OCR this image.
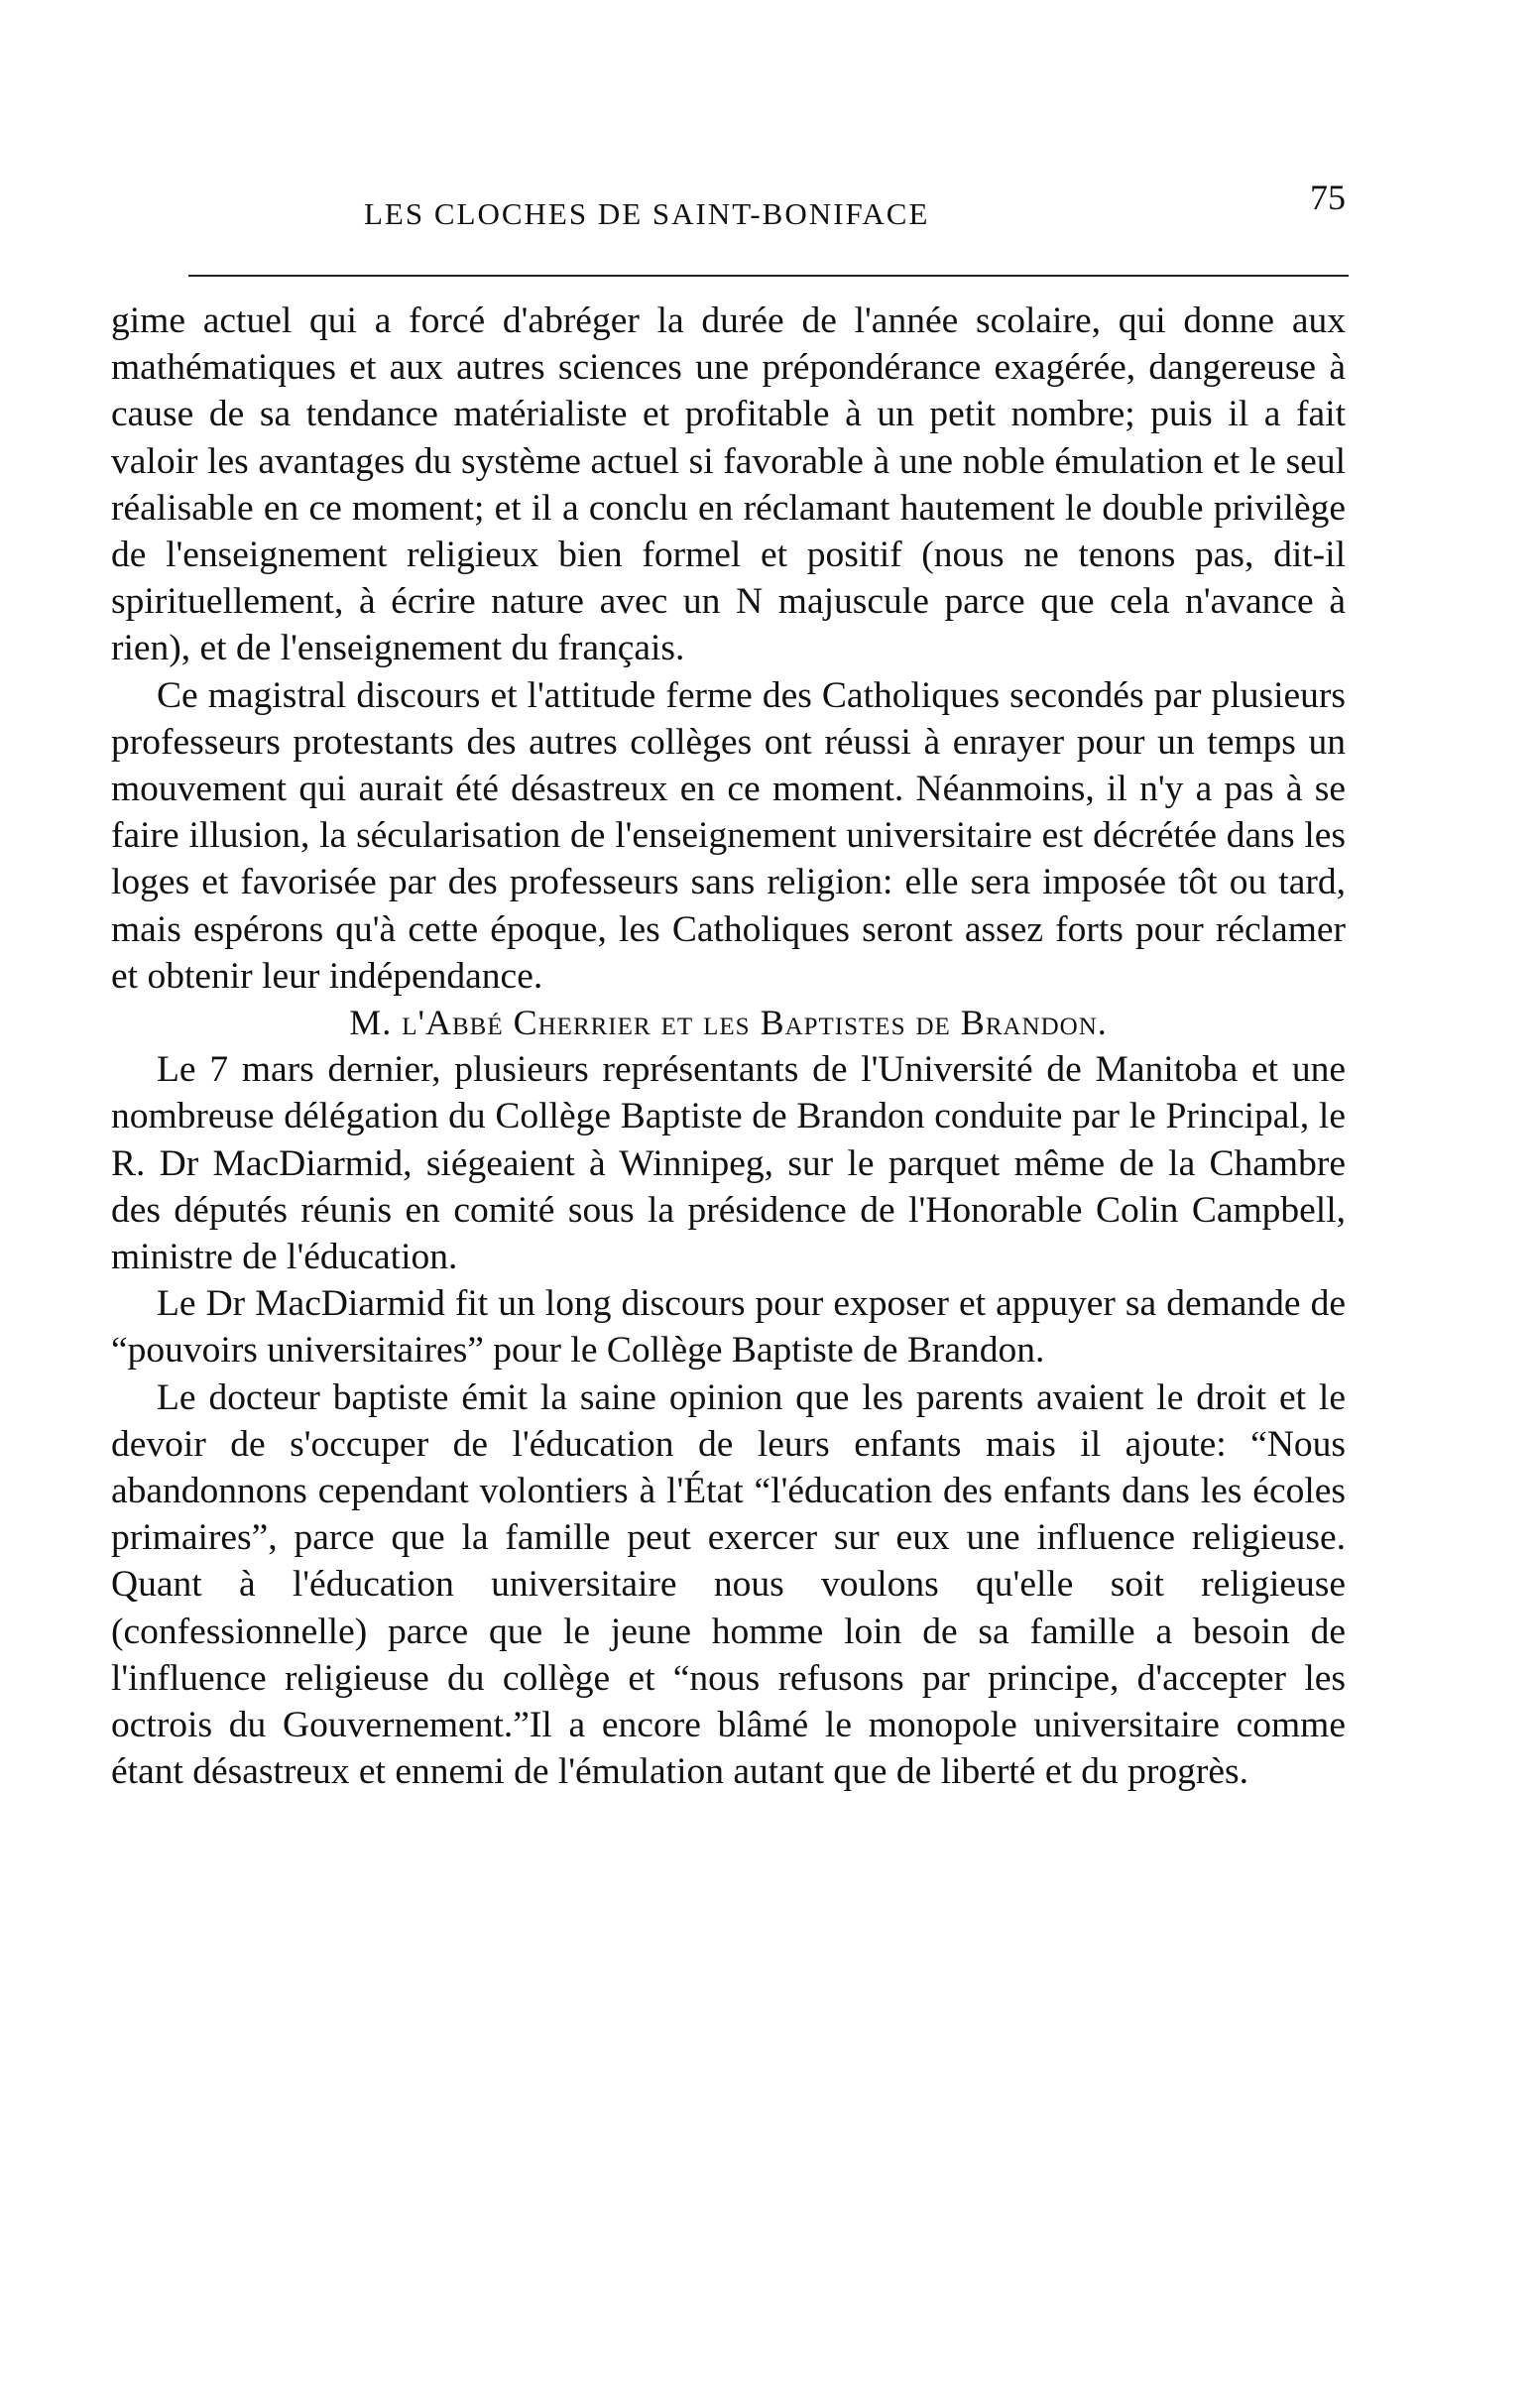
LES CLOCHES DE SAINT-BONIFACE	75

gime actuel qui a forcé d'abréger la durée de l'année scolaire, qui donne aux mathématiques et aux autres sciences une prépondérance exagérée, dangereuse à cause de sa tendance matérialiste et profitable à un petit nombre; puis il a fait valoir les avantages du système actuel si favorable à une noble émulation et le seul réalisable en ce moment; et il a conclu en réclamant hautement le double privilège de l'enseignement religieux bien formel et positif (nous ne tenons pas, dit-il spirituellement, à écrire nature avec un N majuscule parce que cela n'avance à rien), et de l'enseignement du français.

Ce magistral discours et l'attitude ferme des Catholiques secondés par plusieurs professeurs protestants des autres collèges ont réussi à enrayer pour un temps un mouvement qui aurait été désastreux en ce moment. Néanmoins, il n'y a pas à se faire illusion, la sécularisation de l'enseignement universitaire est décrétée dans les loges et favorisée par des professeurs sans religion: elle sera imposée tôt ou tard, mais espérons qu'à cette époque, les Catholiques seront assez forts pour réclamer et obtenir leur indépendance.

M. l'Abbé Cherrier et les Baptistes de Brandon.

Le 7 mars dernier, plusieurs représentants de l'Université de Manitoba et une nombreuse délégation du Collège Baptiste de Brandon conduite par le Principal, le R. Dr MacDiarmid, siégeaient à Winnipeg, sur le parquet même de la Chambre des députés réunis en comité sous la présidence de l'Honorable Colin Campbell, ministre de l'éducation.

Le Dr MacDiarmid fit un long discours pour exposer et appuyer sa demande de “pouvoirs universitaires” pour le Collège Baptiste de Brandon.

Le docteur baptiste émit la saine opinion que les parents avaient le droit et le devoir de s'occuper de l'éducation de leurs enfants mais il ajoute: “Nous abandonnons cependant volontiers à l'État “l'éducation des enfants dans les écoles primaires”, parce que la famille peut exercer sur eux une influence religieuse. Quant à l'éducation universitaire nous voulons qu'elle soit religieuse (confessionnelle) parce que le jeune homme loin de sa famille a besoin de l'influence religieuse du collège et “nous refusons par principe, d'accepter les octrois du Gouvernement.”Il a encore blâmé le monopole universitaire comme étant désastreux et ennemi de l'émulation autant que de liberté et du progrès.
